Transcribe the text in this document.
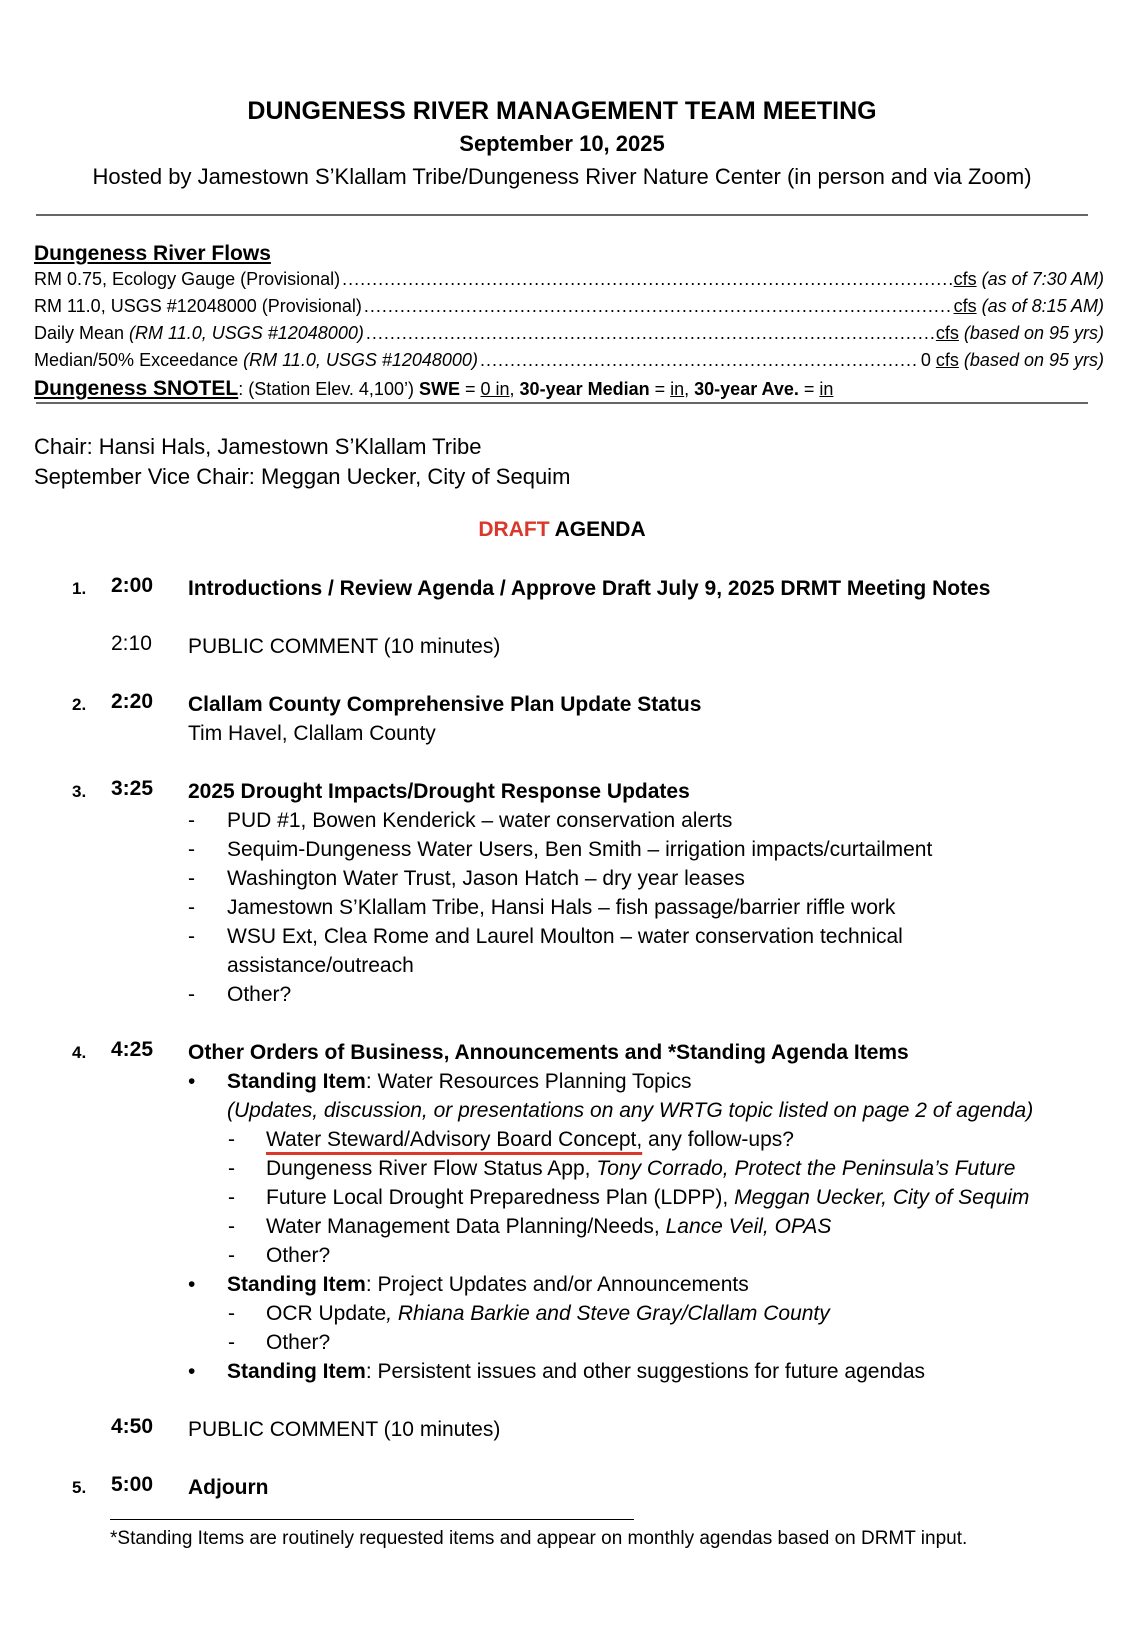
DUNGENESS RIVER MANAGEMENT TEAM MEETING
September 10, 2025
Hosted by Jamestown S’Klallam Tribe/Dungeness River Nature Center (in person and via Zoom)
Dungeness River Flows
RM 0.75, Ecology Gauge (Provisional) .....	cfs (as of 7:30 AM)
RM 11.0, USGS #12048000 (Provisional) .....	cfs (as of 8:15 AM)
Daily Mean (RM 11.0, USGS #12048000) .....	cfs (based on 95 yrs)
Median/50% Exceedance (RM 11.0, USGS #12048000) .....	0 cfs (based on 95 yrs)
Dungeness SNOTEL: (Station Elev. 4,100’) SWE = 0 in, 30-year Median = in, 30-year Ave. = in
Chair: Hansi Hals, Jamestown S’Klallam Tribe
September Vice Chair: Meggan Uecker, City of Sequim
DRAFT AGENDA
1. 2:00 Introductions / Review Agenda / Approve Draft July 9, 2025 DRMT Meeting Notes
2:10 PUBLIC COMMENT (10 minutes)
2. 2:20 Clallam County Comprehensive Plan Update Status
Tim Havel, Clallam County
3. 3:25 2025 Drought Impacts/Drought Response Updates
- PUD #1, Bowen Kenderick – water conservation alerts
- Sequim-Dungeness Water Users, Ben Smith – irrigation impacts/curtailment
- Washington Water Trust, Jason Hatch – dry year leases
- Jamestown S’Klallam Tribe, Hansi Hals – fish passage/barrier riffle work
- WSU Ext, Clea Rome and Laurel Moulton – water conservation technical assistance/outreach
- Other?
4. 4:25 Other Orders of Business, Announcements and *Standing Agenda Items
• Standing Item: Water Resources Planning Topics
(Updates, discussion, or presentations on any WRTG topic listed on page 2 of agenda)
- Water Steward/Advisory Board Concept, any follow-ups?
- Dungeness River Flow Status App, Tony Corrado, Protect the Peninsula’s Future
- Future Local Drought Preparedness Plan (LDPP), Meggan Uecker, City of Sequim
- Water Management Data Planning/Needs, Lance Veil, OPAS
- Other?
• Standing Item: Project Updates and/or Announcements
- OCR Update, Rhiana Barkie and Steve Gray/Clallam County
- Other?
• Standing Item: Persistent issues and other suggestions for future agendas
4:50 PUBLIC COMMENT (10 minutes)
5. 5:00 Adjourn
*Standing Items are routinely requested items and appear on monthly agendas based on DRMT input.
